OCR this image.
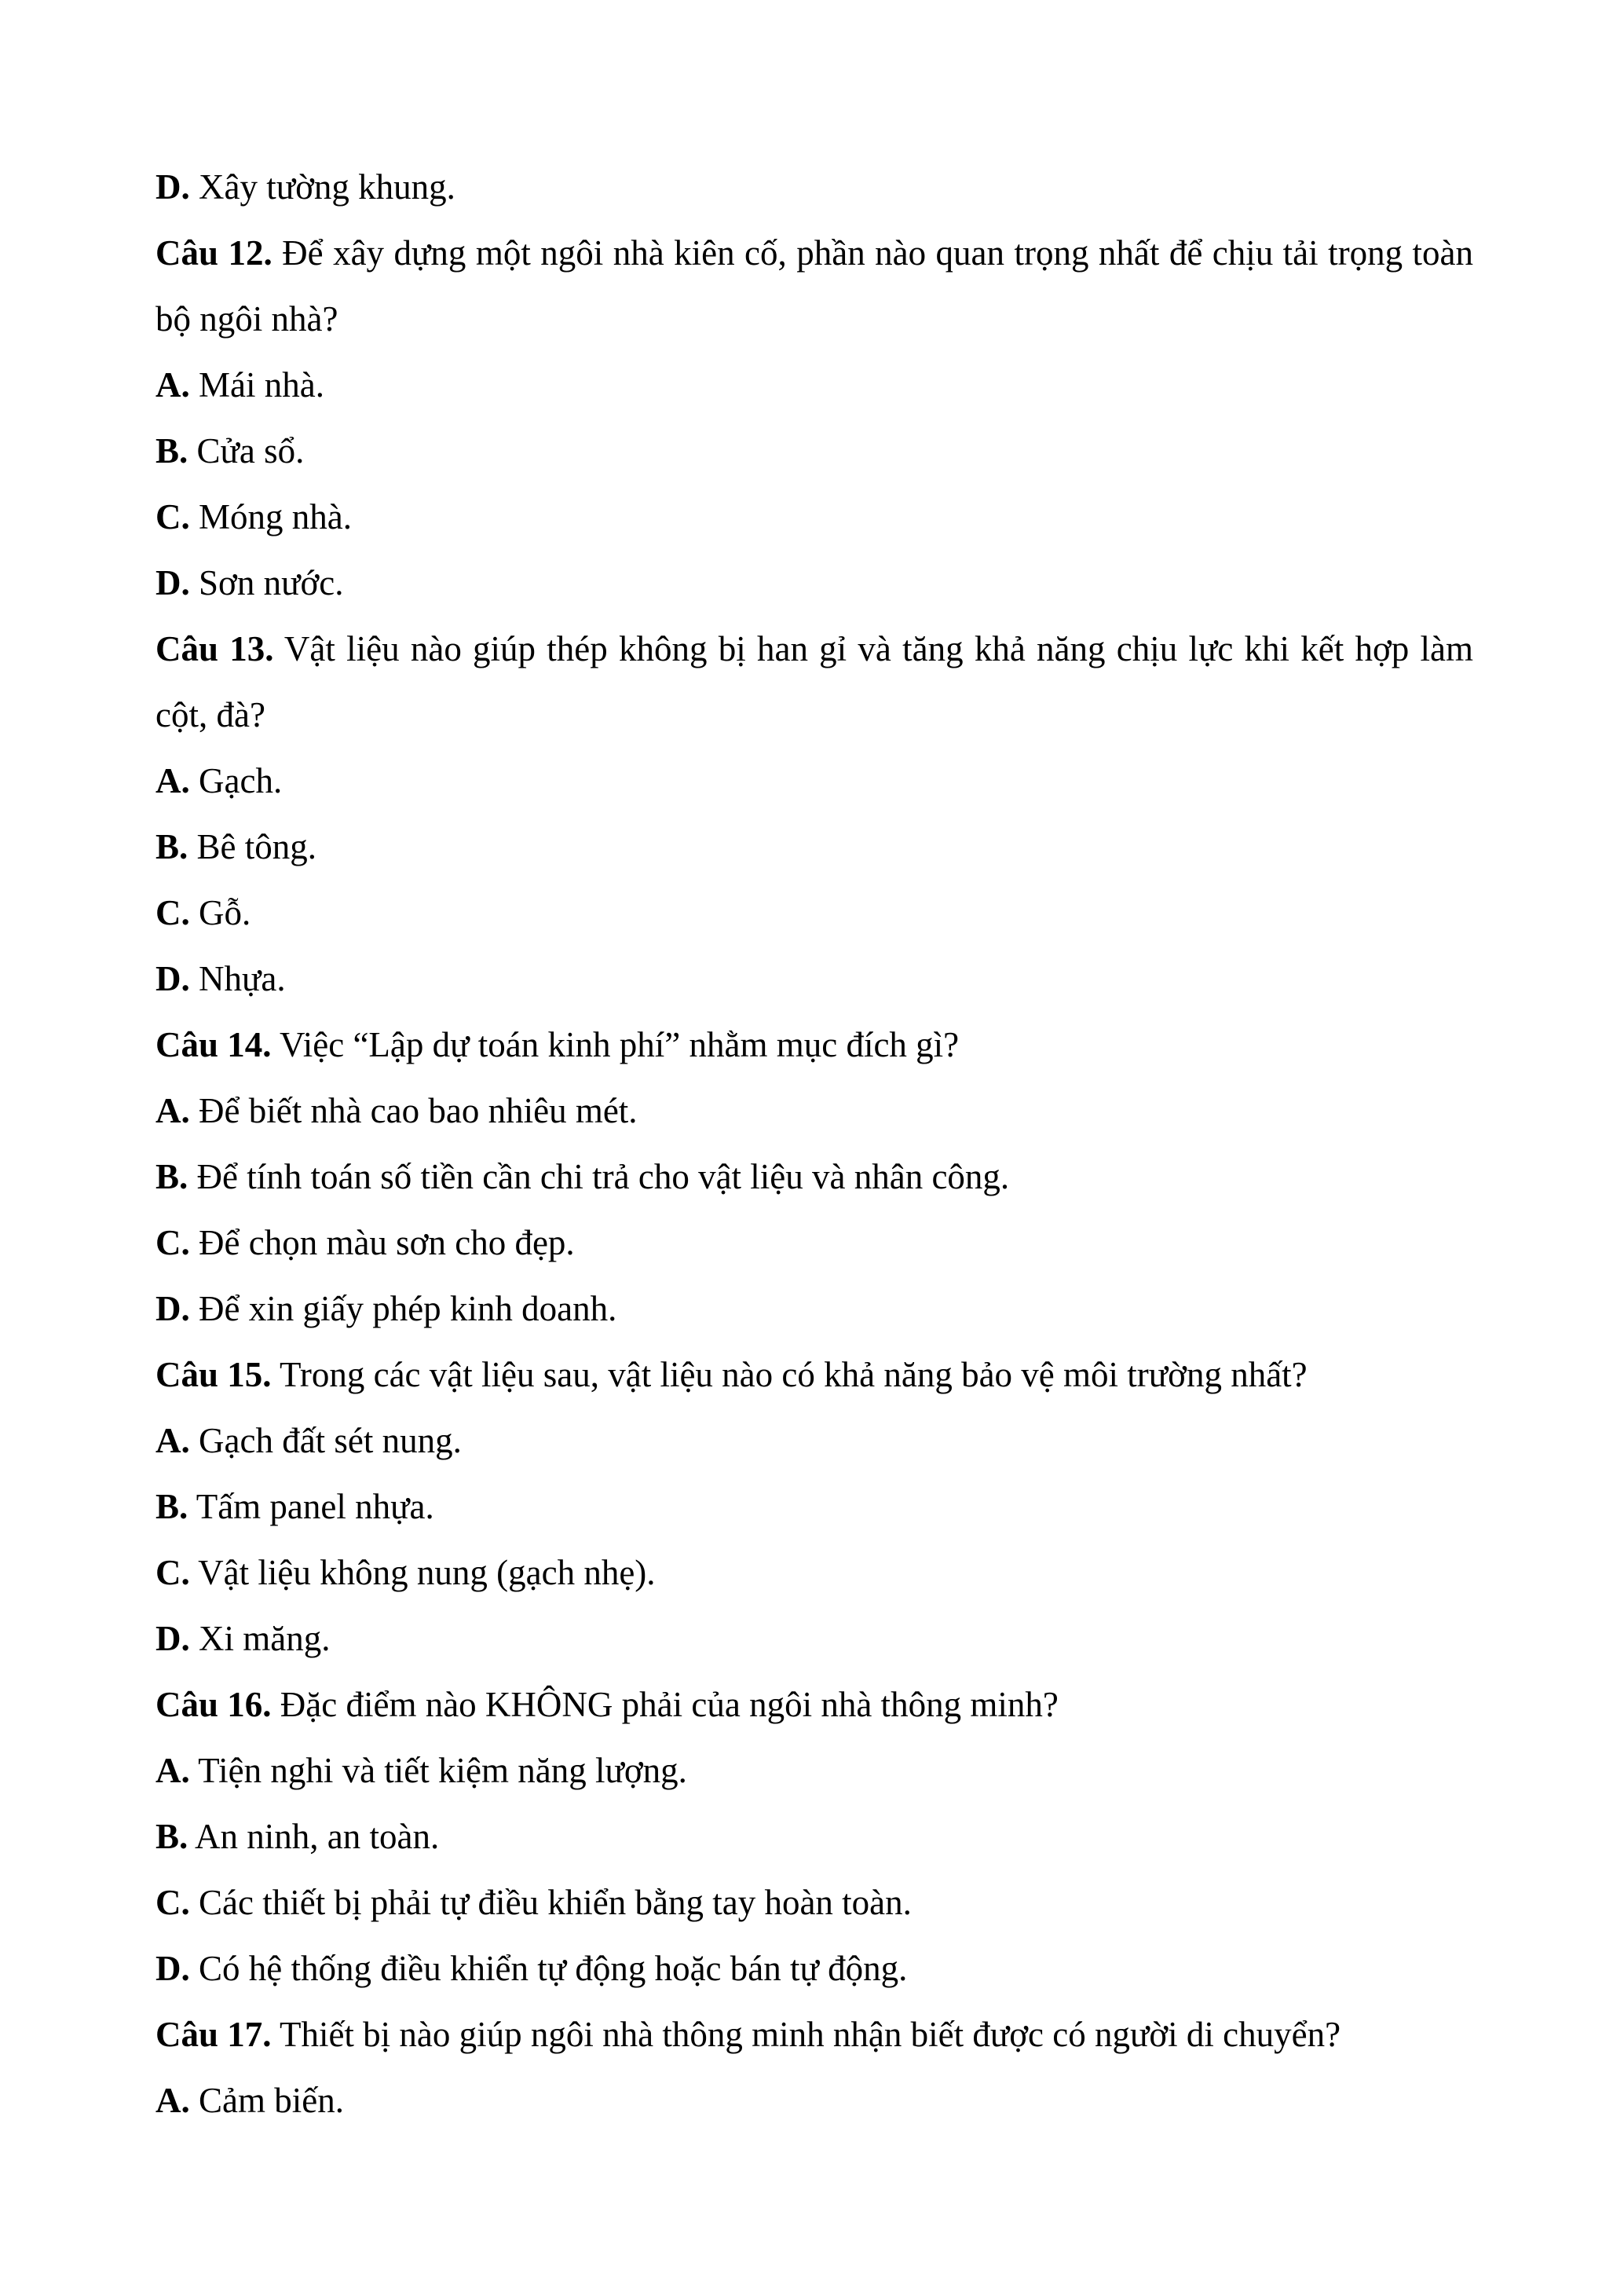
D. Xây tường khung.
Câu 12. Để xây dựng một ngôi nhà kiên cố, phần nào quan trọng nhất để chịu tải trọng toàn bộ ngôi nhà?
A. Mái nhà.
B. Cửa sổ.
C. Móng nhà.
D. Sơn nước.
Câu 13. Vật liệu nào giúp thép không bị han gỉ và tăng khả năng chịu lực khi kết hợp làm cột, đà?
A. Gạch.
B. Bê tông.
C. Gỗ.
D. Nhựa.
Câu 14. Việc “Lập dự toán kinh phí” nhằm mục đích gì?
A. Để biết nhà cao bao nhiêu mét.
B. Để tính toán số tiền cần chi trả cho vật liệu và nhân công.
C. Để chọn màu sơn cho đẹp.
D. Để xin giấy phép kinh doanh.
Câu 15. Trong các vật liệu sau, vật liệu nào có khả năng bảo vệ môi trường nhất?
A. Gạch đất sét nung.
B. Tấm panel nhựa.
C. Vật liệu không nung (gạch nhẹ).
D. Xi măng.
Câu 16. Đặc điểm nào KHÔNG phải của ngôi nhà thông minh?
A. Tiện nghi và tiết kiệm năng lượng.
B. An ninh, an toàn.
C. Các thiết bị phải tự điều khiển bằng tay hoàn toàn.
D. Có hệ thống điều khiển tự động hoặc bán tự động.
Câu 17. Thiết bị nào giúp ngôi nhà thông minh nhận biết được có người di chuyển?
A. Cảm biến.
